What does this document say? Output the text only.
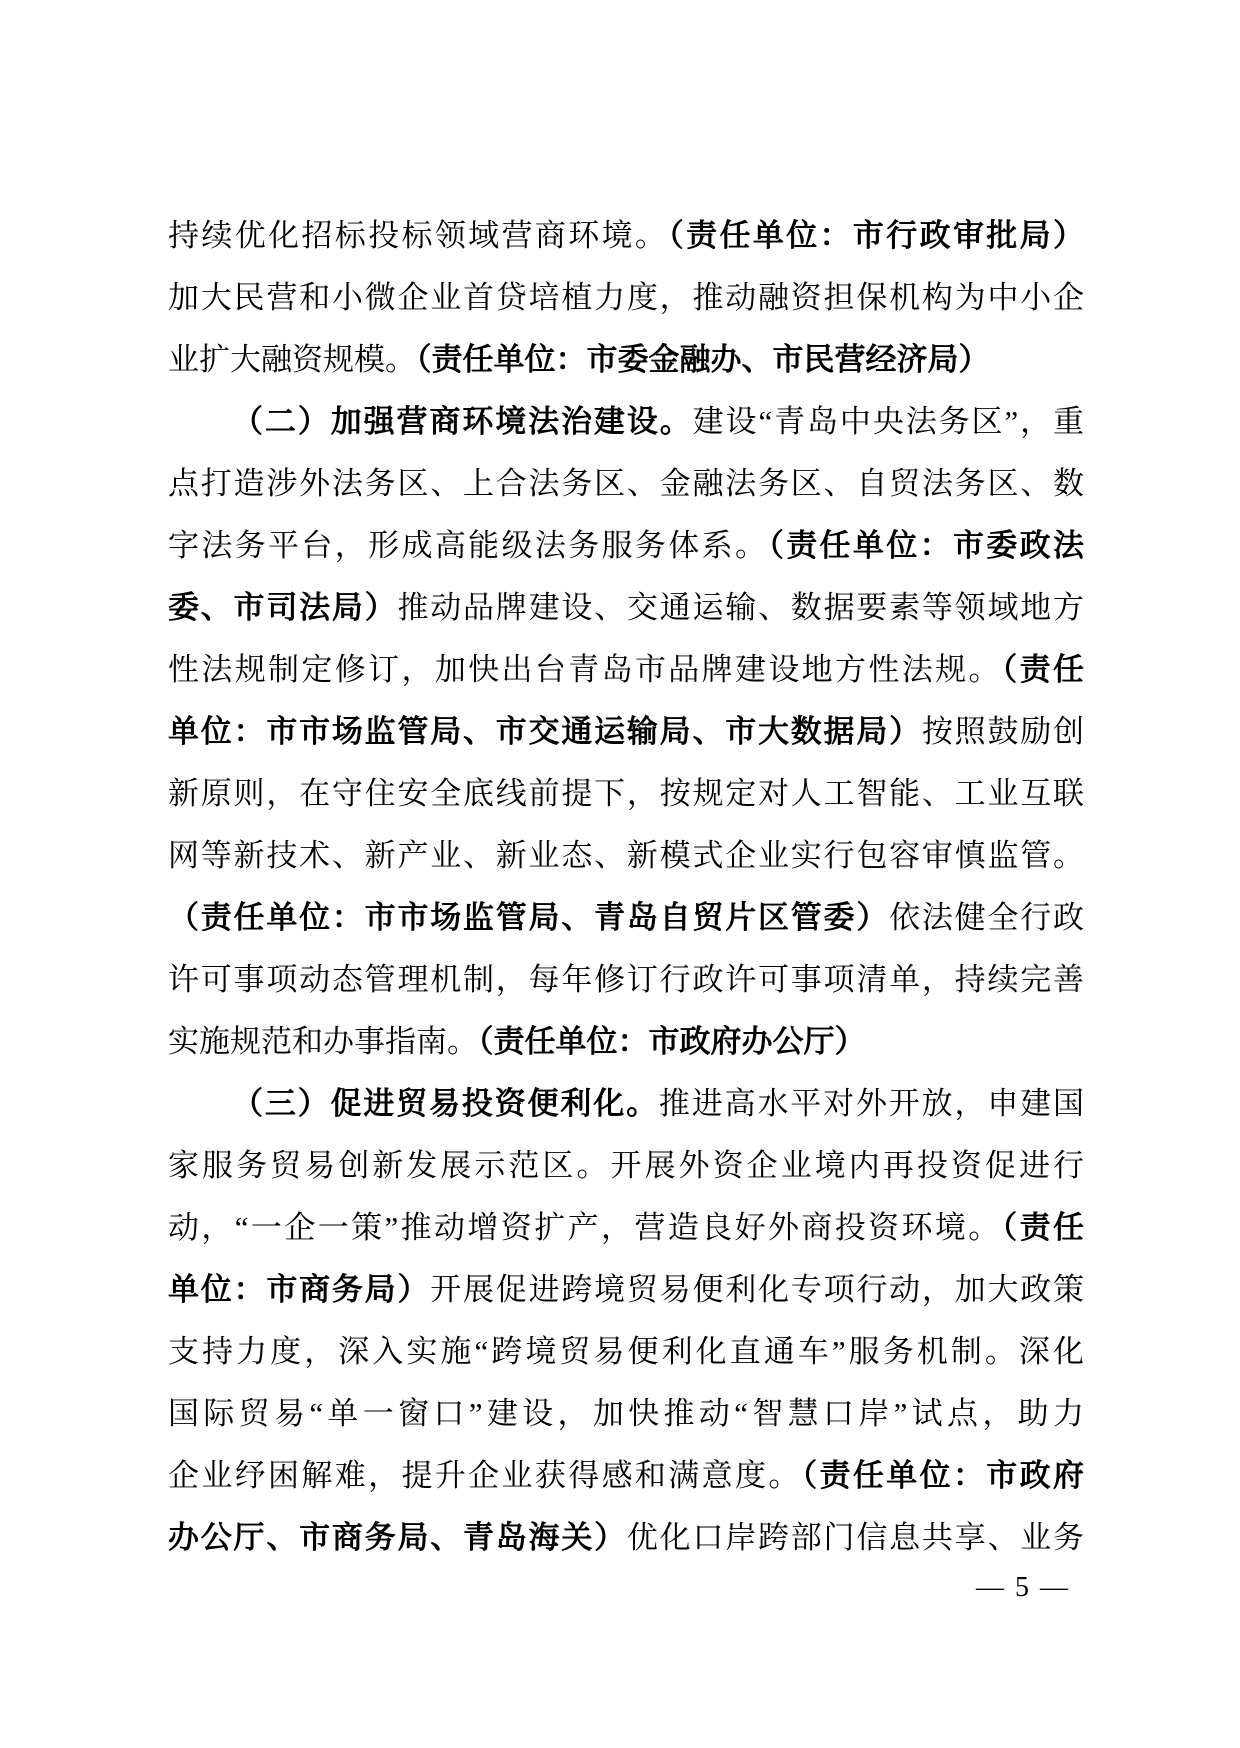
持续优化招标投标领域营商环境。（责任单位：市行政审批局）
加大民营和小微企业首贷培植力度，推动融资担保机构为中小企
业扩大融资规模。（责任单位：市委金融办、市民营经济局）
（二）加强营商环境法治建设。建设“青岛中央法务区”，重
点打造涉外法务区、上合法务区、金融法务区、自贸法务区、数
字法务平台，形成高能级法务服务体系。（责任单位：市委政法
委、市司法局）推动品牌建设、交通运输、数据要素等领域地方
性法规制定修订，加快出台青岛市品牌建设地方性法规。（责任
单位：市市场监管局、市交通运输局、市大数据局）按照鼓励创
新原则，在守住安全底线前提下，按规定对人工智能、工业互联
网等新技术、新产业、新业态、新模式企业实行包容审慎监管。
（责任单位：市市场监管局、青岛自贸片区管委）依法健全行政
许可事项动态管理机制，每年修订行政许可事项清单，持续完善
实施规范和办事指南。（责任单位：市政府办公厅）
（三）促进贸易投资便利化。推进高水平对外开放，申建国
家服务贸易创新发展示范区。开展外资企业境内再投资促进行
动，“一企一策”推动增资扩产，营造良好外商投资环境。（责任
单位：市商务局）开展促进跨境贸易便利化专项行动，加大政策
支持力度，深入实施“跨境贸易便利化直通车”服务机制。深化
国际贸易“单一窗口”建设，加快推动“智慧口岸”试点，助力
企业纾困解难，提升企业获得感和满意度。（责任单位：市政府
办公厅、市商务局、青岛海关）优化口岸跨部门信息共享、业务
— 5 —
